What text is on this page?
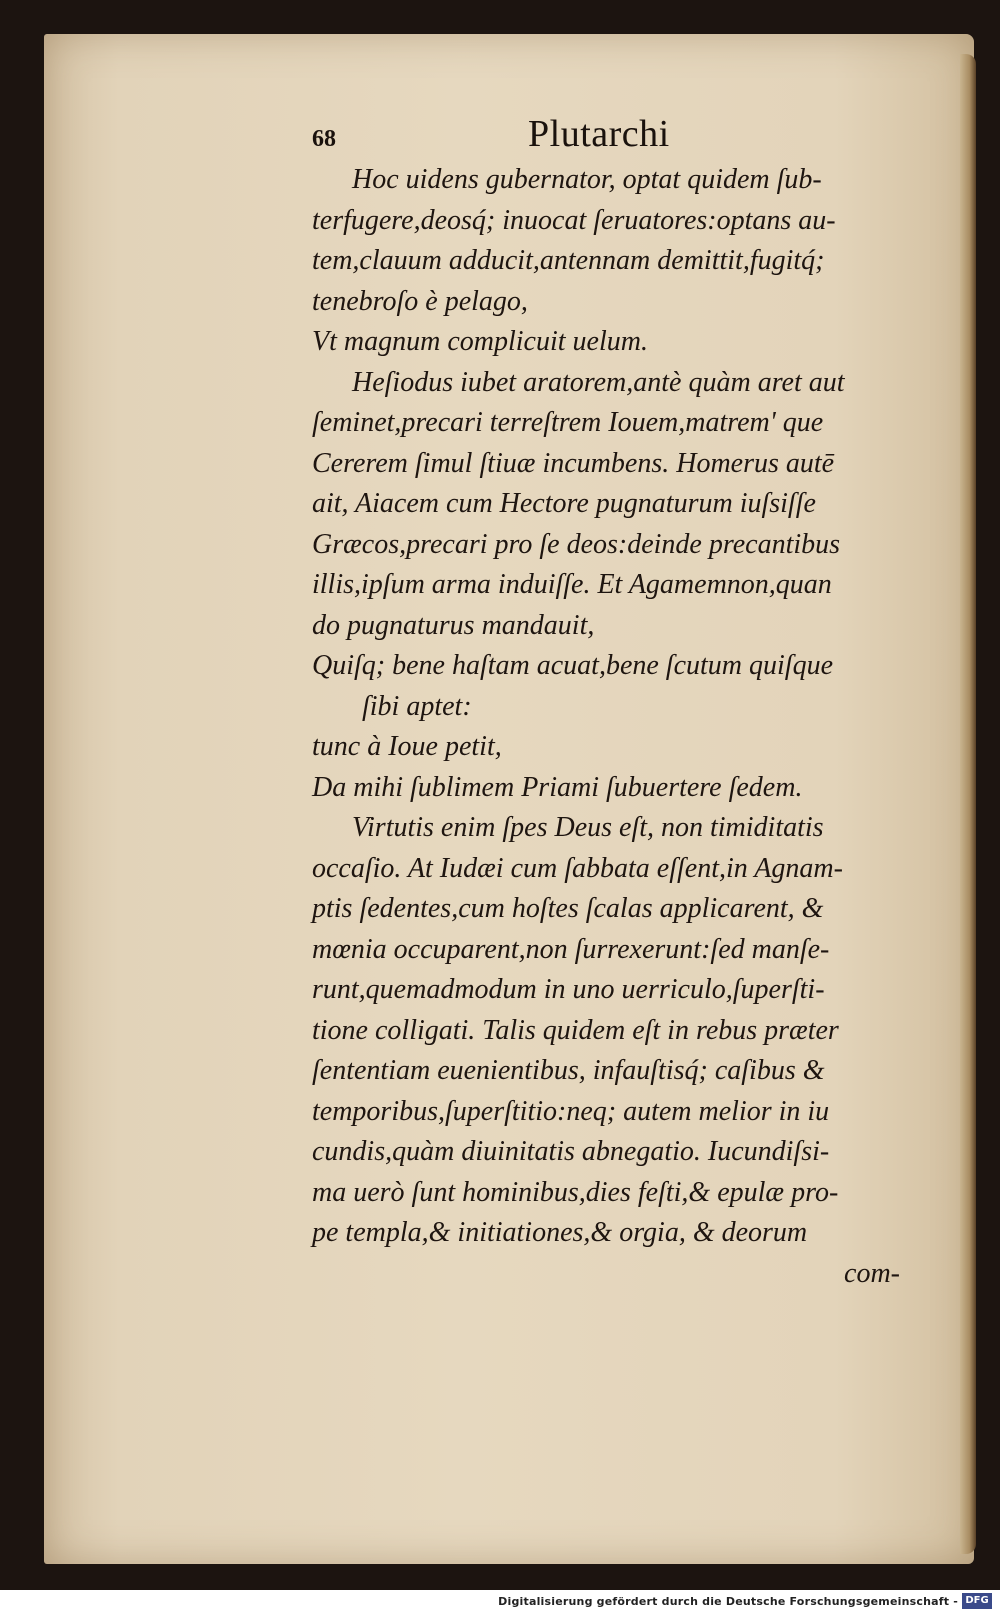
68	Plutarchi
Hoc uidens gubernator, optat quidem ſub-
terfugere,deosq́; inuocat ſeruatores:optans au-
tem,clauum adducit,antennam demittit,fugitq́;
tenebroſo è pelago,
Vt magnum complicuit uelum.
Heſiodus iubet aratorem,antè quàm aret aut
ſeminet,precari terreſtrem Iouem,matrem' que
Cererem ſimul ſtiuæ incumbens. Homerus autē
ait, Aiacem cum Hectore pugnaturum iuſsiſſe
Græcos,precari pro ſe deos:deinde precantibus
illis,ipſum arma induiſſe. Et Agamemnon,quan
do pugnaturus mandauit,
Quiſq; bene haſtam acuat,bene ſcutum quiſque
ſibi aptet:
tunc à Ioue petit,
Da mihi ſublimem Priami ſubuertere ſedem.
Virtutis enim ſpes Deus eſt, non timiditatis
occaſio. At Iudæi cum ſabbata eſſent,in Agnam-
ptis ſedentes,cum hoſtes ſcalas applicarent, &
mœnia occuparent,non ſurrexerunt:ſed manſe-
runt,quemadmodum in uno uerriculo,ſuperſti-
tione colligati. Talis quidem eſt in rebus præter
ſententiam euenientibus, infauſtisq́; caſibus &
temporibus,ſuperſtitio:neq; autem melior in iu
cundis,quàm diuinitatis abnegatio. Iucundiſsi-
ma uerò ſunt hominibus,dies feſti,& epulæ pro-
pe templa,& initiationes,& orgia, & deorum
com-
Digitalisierung gefördert durch die Deutsche Forschungsgemeinschaft - DFG
